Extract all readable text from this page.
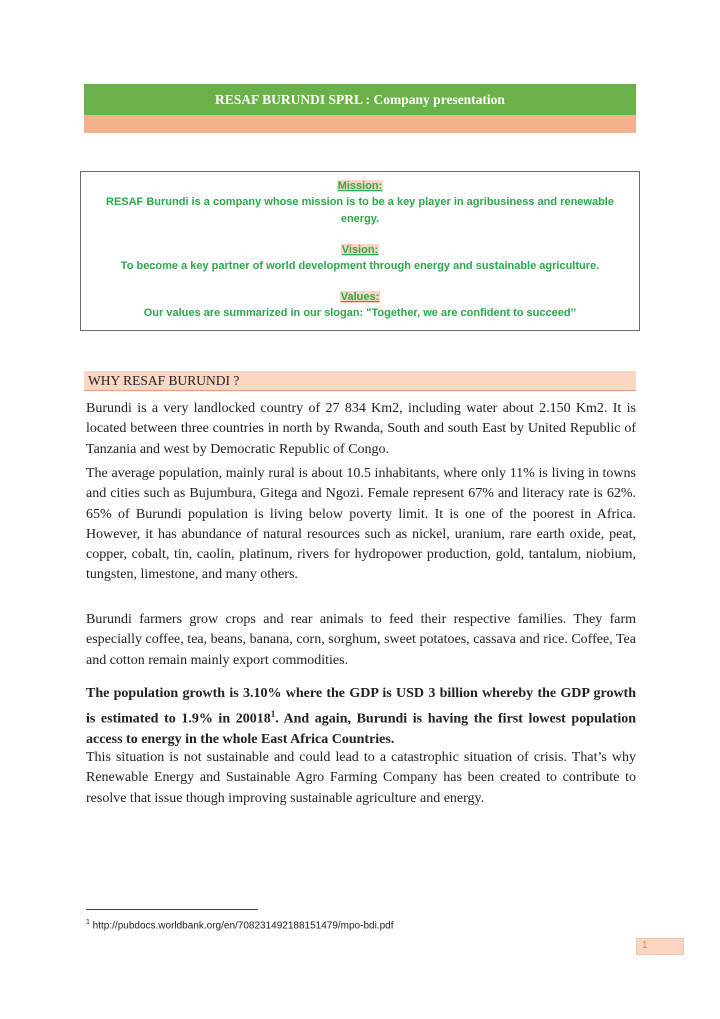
RESAF BURUNDI SPRL : Company presentation
Mission:
RESAF Burundi is a company whose mission is to be a key player in agribusiness and renewable energy.
Vision:
To become a key partner of world development through energy and sustainable agriculture.
Values:
Our values are summarized in our slogan: "Together, we are confident to succeed’’
WHY RESAF BURUNDI ?
Burundi is a very landlocked country of 27 834 Km2, including water about 2.150 Km2. It is located between three countries in north by Rwanda, South and south East by United Republic of Tanzania and west by Democratic Republic of Congo.
The average population, mainly rural is about 10.5 inhabitants, where only 11% is living in towns and cities such as Bujumbura, Gitega and Ngozi. Female represent 67% and literacy rate is 62%. 65% of Burundi population is living below poverty limit. It is one of the poorest in Africa. However, it has abundance of natural resources such as nickel, uranium, rare earth oxide, peat, copper, cobalt, tin, caolin, platinum, rivers for hydropower production, gold, tantalum, niobium, tungsten, limestone, and many others.
Burundi farmers grow crops and rear animals to feed their respective families. They farm especially coffee, tea, beans, banana, corn, sorghum, sweet potatoes, cassava and rice. Coffee, Tea and cotton remain mainly export commodities.
The population growth is 3.10% where the GDP is USD 3 billion whereby the GDP growth is estimated to 1.9% in 20018$^1$. And again, Burundi is having the first lowest population access to energy in the whole East Africa Countries.
This situation is not sustainable and could lead to a catastrophic situation of crisis. That’s why Renewable Energy and Sustainable Agro Farming Company has been created to contribute to resolve that issue though improving sustainable agriculture and energy.
$^1$ http://pubdocs.worldbank.org/en/708231492188151479/mpo-bdi.pdf
1
